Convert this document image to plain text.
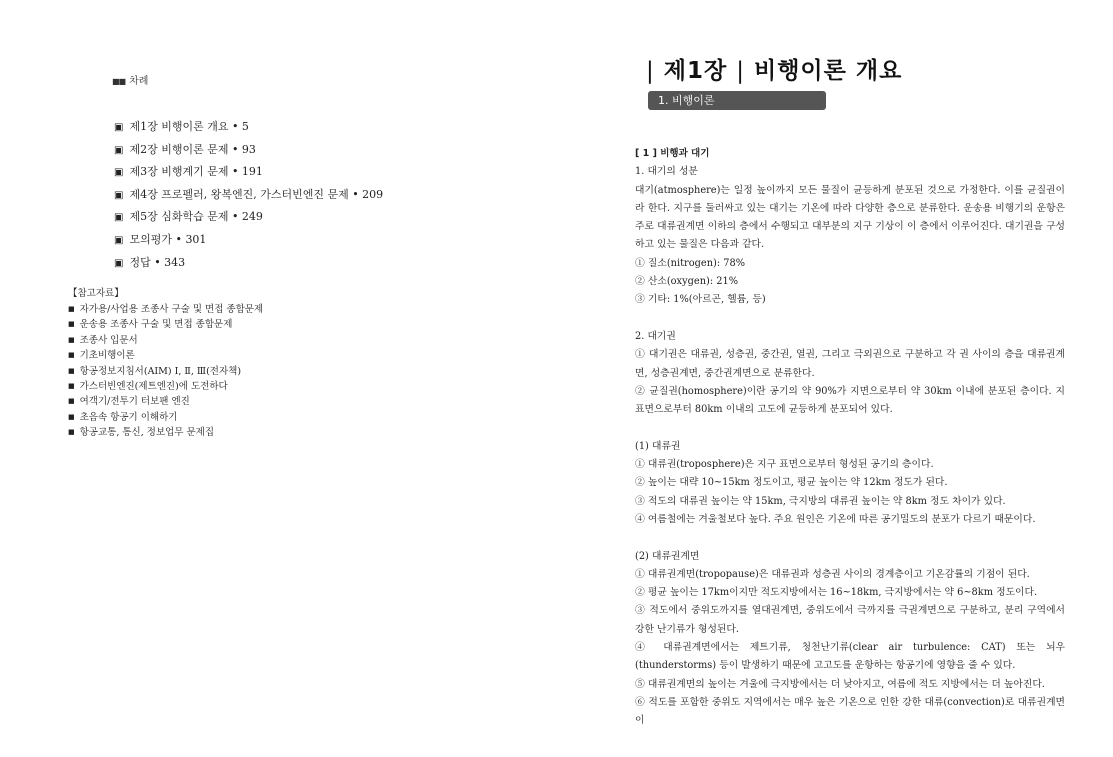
■■ 차례
▣ 제1장 비행이론 개요 • 5
▣ 제2장 비행이론 문제 • 93
▣ 제3장 비행계기 문제 • 191
▣ 제4장 프로펠러, 왕복엔진, 가스터빈엔진 문제 • 209
▣ 제5장 심화학습 문제 • 249
▣ 모의평가 • 301
▣ 정답 • 343
【참고자료】
■ 자가용/사업용 조종사 구술 및 면접 종합문제
■ 운송용 조종사 구술 및 면접 종합문제
■ 조종사 입문서
■ 기초비행이론
■ 항공정보지침서(AIM) Ⅰ, Ⅱ, Ⅲ(전자책)
■ 가스터빈엔진(제트엔진)에 도전하다
■ 여객기/전투기 터보팬 엔진
■ 초음속 항공기 이해하기
■ 항공교통, 통신, 정보업무 문제집
| 제1장 | 비행이론 개요
1. 비행이론

[ 1 ] 비행과 대기

1. 대기의 성분

대기(atmosphere)는 일정 높이까지 모든 물질이 균등하게 분포된 것으로 가정한다. 이를 균질권이라 한다. 지구를 둘러싸고 있는 대기는 기온에 따라 다양한 층으로 분류한다. 운송용 비행기의 운항은 주로 대류권계면 이하의 층에서 수행되고 대부분의 지구 기상이 이 층에서 이루어진다. 대기권을 구성하고 있는 물질은 다음과 같다.

① 질소(nitrogen): 78%

② 산소(oxygen): 21%

③ 기타: 1%(아르곤, 헬륨, 등)

2. 대기권

① 대기권은 대류권, 성층권, 중간권, 열권, 그리고 극외권으로 구분하고 각 권 사이의 층을 대류권계면, 성층권계면, 중간권계면으로 분류한다.

② 균질권(homosphere)이란 공기의 약 90%가 지면으로부터 약 30km 이내에 분포된 층이다. 지표면으로부터 80km 이내의 고도에 균등하게 분포되어 있다.

(1) 대류권

① 대류권(troposphere)은 지구 표면으로부터 형성된 공기의 층이다.

② 높이는 대략 10~15km 정도이고, 평균 높이는 약 12km 정도가 된다.

③ 적도의 대류권 높이는 약 15km, 극지방의 대류권 높이는 약 8km 정도 차이가 있다.

④ 여름철에는 겨울철보다 높다. 주요 원인은 기온에 따른 공기밀도의 분포가 다르기 때문이다.

(2) 대류권계면

① 대류권계면(tropopause)은 대류권과 성층권 사이의 경계층이고 기온감률의 기점이 된다.

② 평균 높이는 17km이지만 적도지방에서는 16~18km, 극지방에서는 약 6~8km 정도이다.

③ 적도에서 중위도까지를 열대권계면, 중위도에서 극까지를 극권계면으로 구분하고, 분리 구역에서 강한 난기류가 형성된다.

④ 대류권계면에서는 제트기류, 청천난기류(clear air turbulence: CAT) 또는 뇌우(thunderstorms) 등이 발생하기 때문에 고고도를 운항하는 항공기에 영향을 줄 수 있다.

⑤ 대류권계면의 높이는 겨울에 극지방에서는 더 낮아지고, 여름에 적도 지방에서는 더 높아진다.

⑥ 적도를 포함한 중위도 지역에서는 매우 높은 기온으로 인한 강한 대류(convection)로 대류권계면이
